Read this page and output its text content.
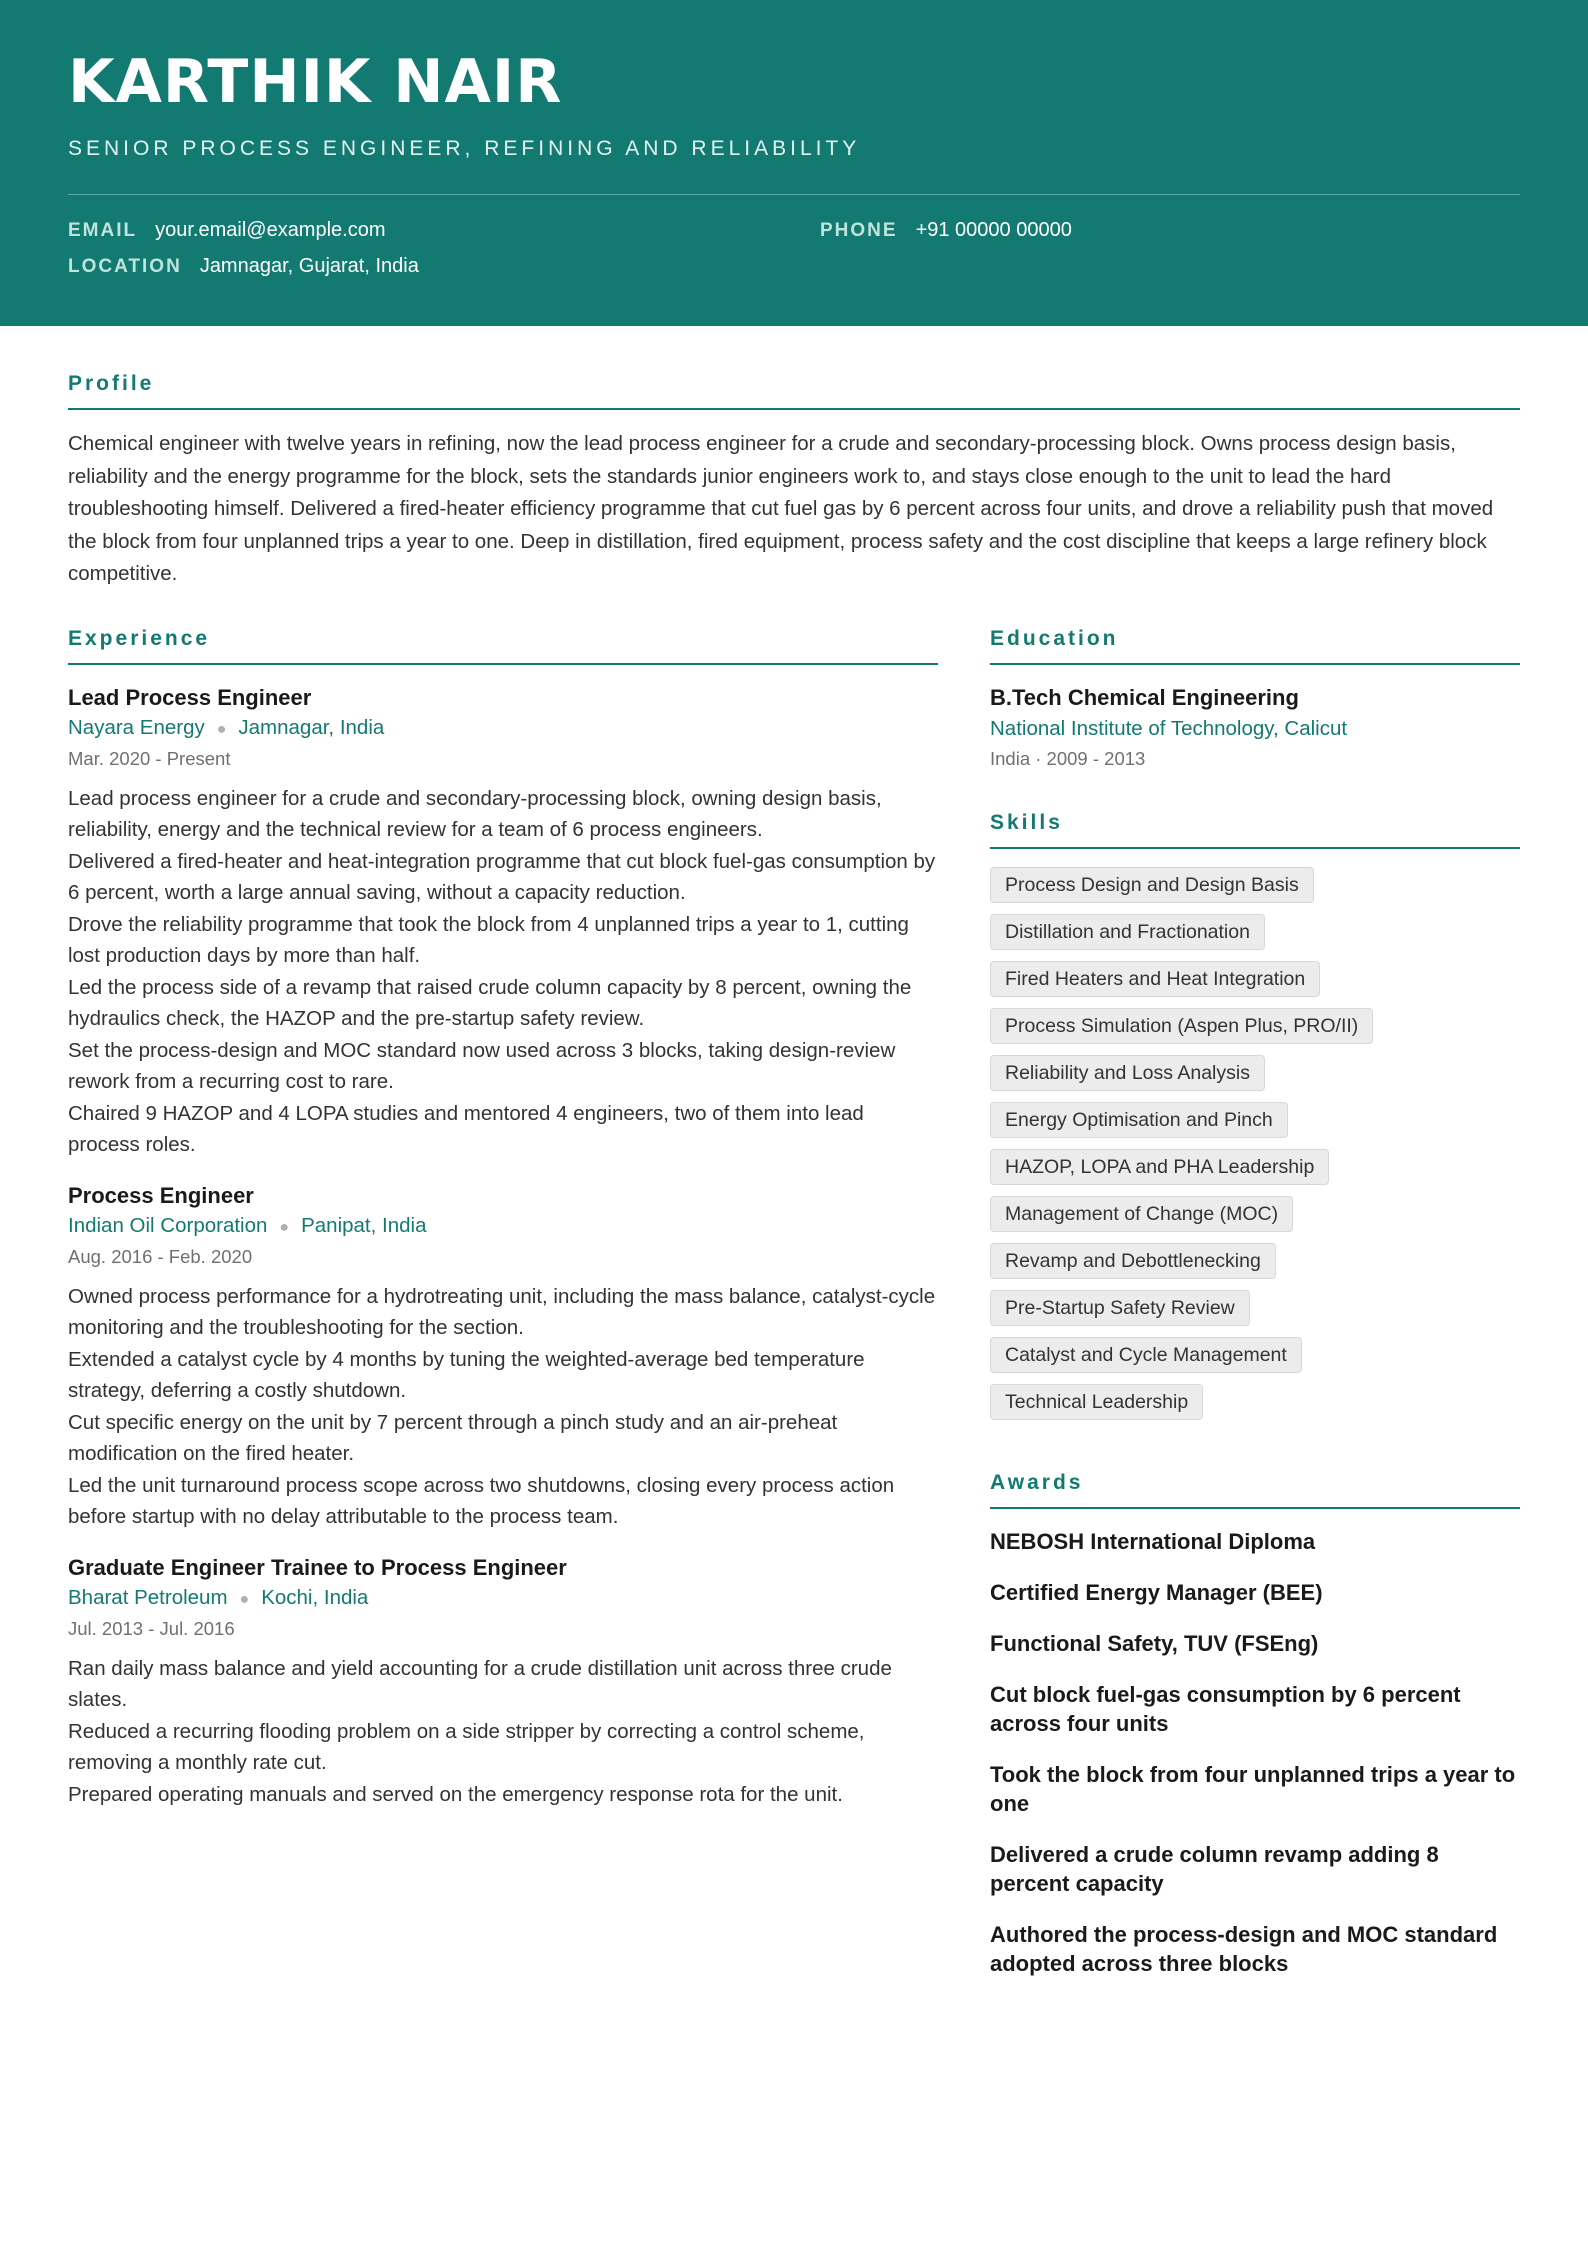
KARTHIK NAIR
SENIOR PROCESS ENGINEER, REFINING AND RELIABILITY
EMAIL your.email@example.com	PHONE +91 00000 00000
LOCATION Jamnagar, Gujarat, India
Profile

Chemical engineer with twelve years in refining, now the lead process engineer for a crude and secondary-processing block. Owns process design basis, reliability and the energy programme for the block, sets the standards junior engineers work to, and stays close enough to the unit to lead the hard troubleshooting himself. Delivered a fired-heater efficiency programme that cut fuel gas by 6 percent across four units, and drove a reliability push that moved the block from four unplanned trips a year to one. Deep in distillation, fired equipment, process safety and the cost discipline that keeps a large refinery block competitive.

Experience
Lead Process Engineer
Nayara Energy ● Jamnagar, India
Mar. 2020 - Present
Lead process engineer for a crude and secondary-processing block, owning design basis, reliability, energy and the technical review for a team of 6 process engineers.
Delivered a fired-heater and heat-integration programme that cut block fuel-gas consumption by 6 percent, worth a large annual saving, without a capacity reduction.
Drove the reliability programme that took the block from 4 unplanned trips a year to 1, cutting lost production days by more than half.
Led the process side of a revamp that raised crude column capacity by 8 percent, owning the hydraulics check, the HAZOP and the pre-startup safety review.
Set the process-design and MOC standard now used across 3 blocks, taking design-review rework from a recurring cost to rare.
Chaired 9 HAZOP and 4 LOPA studies and mentored 4 engineers, two of them into lead process roles.
Process Engineer
Indian Oil Corporation ● Panipat, India
Aug. 2016 - Feb. 2020
Owned process performance for a hydrotreating unit, including the mass balance, catalyst-cycle monitoring and the troubleshooting for the section.
Extended a catalyst cycle by 4 months by tuning the weighted-average bed temperature strategy, deferring a costly shutdown.
Cut specific energy on the unit by 7 percent through a pinch study and an air-preheat modification on the fired heater.
Led the unit turnaround process scope across two shutdowns, closing every process action before startup with no delay attributable to the process team.
Graduate Engineer Trainee to Process Engineer
Bharat Petroleum ● Kochi, India
Jul. 2013 - Jul. 2016
Ran daily mass balance and yield accounting for a crude distillation unit across three crude slates.
Reduced a recurring flooding problem on a side stripper by correcting a control scheme, removing a monthly rate cut.
Prepared operating manuals and served on the emergency response rota for the unit.
Education
B.Tech Chemical Engineering
National Institute of Technology, Calicut
India · 2009 - 2013
Skills
Process Design and Design Basis
Distillation and Fractionation
Fired Heaters and Heat Integration
Process Simulation (Aspen Plus, PRO/II)
Reliability and Loss Analysis
Energy Optimisation and Pinch
HAZOP, LOPA and PHA Leadership
Management of Change (MOC)
Revamp and Debottlenecking
Pre-Startup Safety Review
Catalyst and Cycle Management
Technical Leadership
Awards
NEBOSH International Diploma
Certified Energy Manager (BEE)
Functional Safety, TUV (FSEng)
Cut block fuel-gas consumption by 6 percent across four units
Took the block from four unplanned trips a year to one
Delivered a crude column revamp adding 8 percent capacity
Authored the process-design and MOC standard adopted across three blocks
